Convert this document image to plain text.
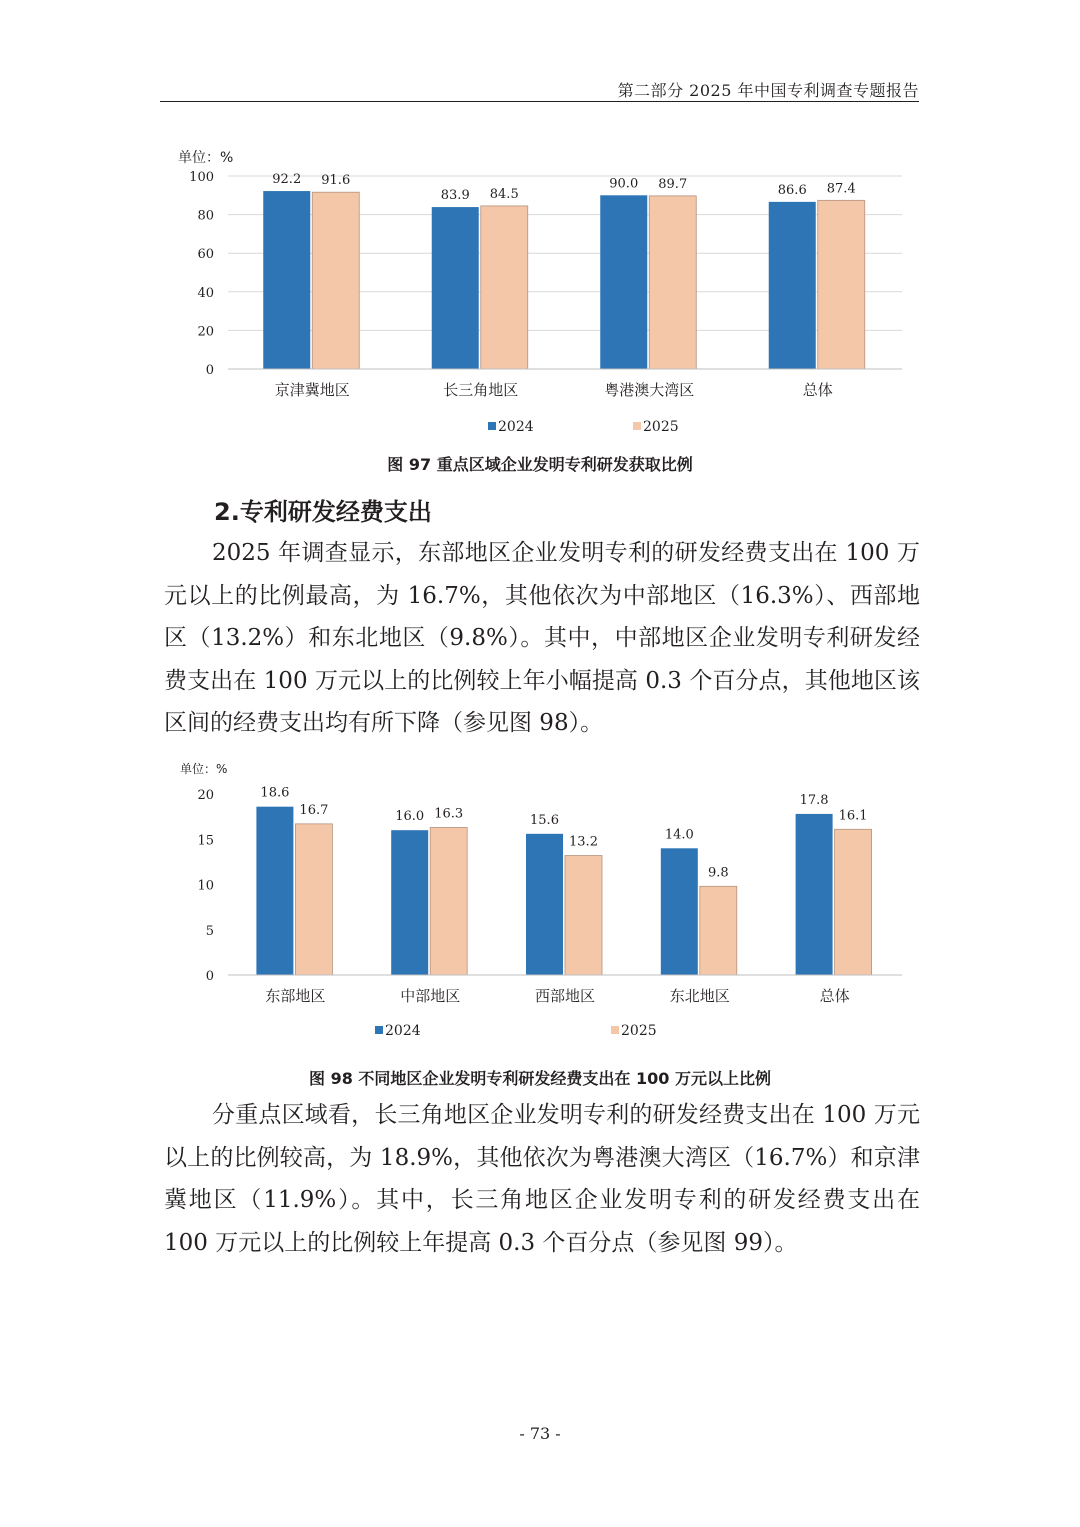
第二部分 2025 年中国专利调查专题报告
单位：%
0
20
40
60
80
100	92.2 91.6
京津冀地区
83.9 84.5
长三角地区
90.0 89.7
粤港澳大湾区
86.6 87.4
总体
2024	2025
图 97 重点区域企业发明专利研发获取比例
2.专利研发经费支出

2025 年调查显示，东部地区企业发明专利的研发经费支出在 100 万元以上的比例最高，为 16.7%，其他依次为中部地区（16.3%）、西部地区（13.2%）和东北地区（9.8%）。其中，中部地区企业发明专利研发经费支出在 100 万元以上的比例较上年小幅提高 0.3 个百分点，其他地区该区间的经费支出均有所下降（参见图 98）。

单位：%
0
5
10
15
20	18.6
16.7
东部地区
16.0 16.3
中部地区
15.6
13.2
西部地区
14.0
9.8
东北地区
17.8
16.1
总体
2024	2025
图 98 不同地区企业发明专利研发经费支出在 100 万元以上比例

分重点区域看，长三角地区企业发明专利的研发经费支出在 100 万元以上的比例较高，为 18.9%，其他依次为粤港澳大湾区（16.7%）和京津冀地区（11.9%）。其中，长三角地区企业发明专利的研发经费支出在 100 万元以上的比例较上年提高 0.3 个百分点（参见图 99）。

- 73 -
